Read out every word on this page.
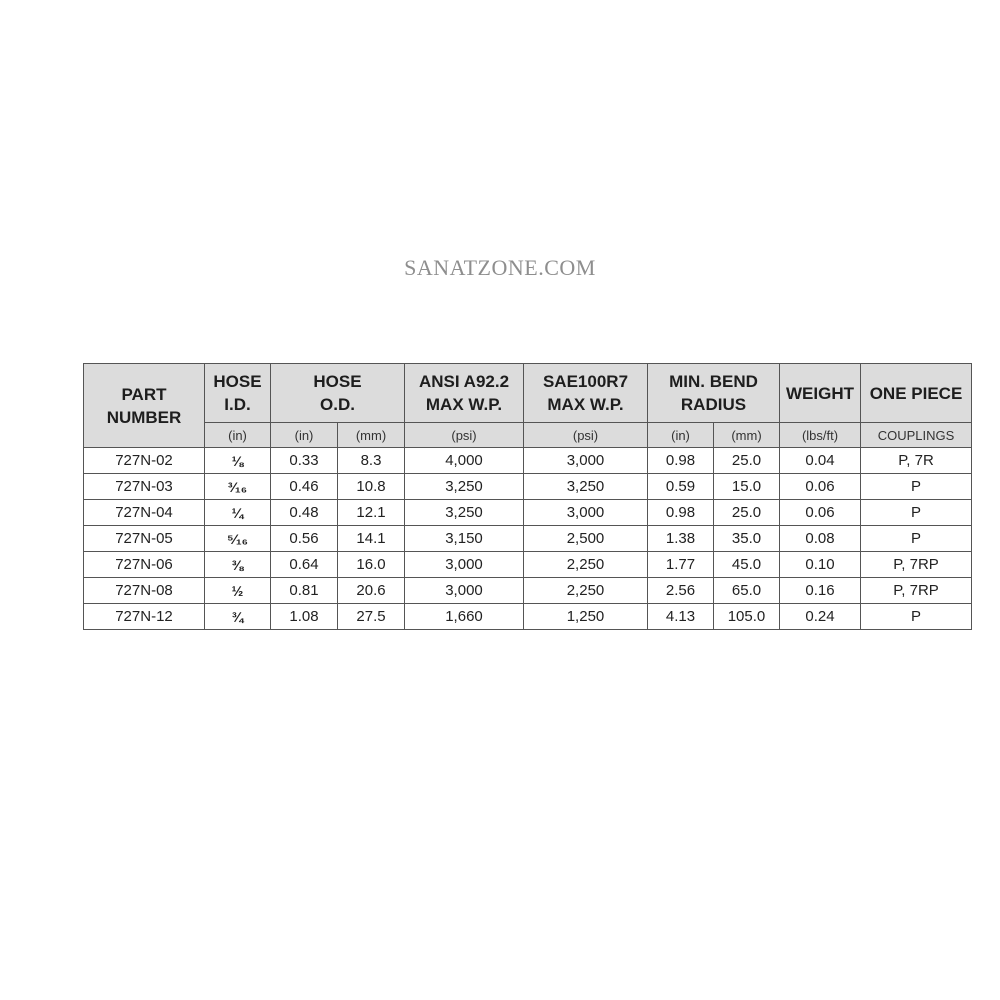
SANATZONE.COM
PART NUMBER	HOSE I.D.	HOSE O.D.		ANSI A92.2 MAX W.P.	SAE100R7 MAX W.P.	MIN. BEND RADIUS		WEIGHT	ONE PIECE
	(in)	(in)	(mm)	(psi)	(psi)	(in)	(mm)	(lbs/ft)	COUPLINGS
727N-02	⅛	0.33	8.3	4,000	3,000	0.98	25.0	0.04	P, 7R
727N-03	³⁄₁₆	0.46	10.8	3,250	3,250	0.59	15.0	0.06	P
727N-04	¼	0.48	12.1	3,250	3,000	0.98	25.0	0.06	P
727N-05	⁵⁄₁₆	0.56	14.1	3,150	2,500	1.38	35.0	0.08	P
727N-06	⅜	0.64	16.0	3,000	2,250	1.77	45.0	0.10	P, 7RP
727N-08	½	0.81	20.6	3,000	2,250	2.56	65.0	0.16	P, 7RP
727N-12	¾	1.08	27.5	1,660	1,250	4.13	105.0	0.24	P
